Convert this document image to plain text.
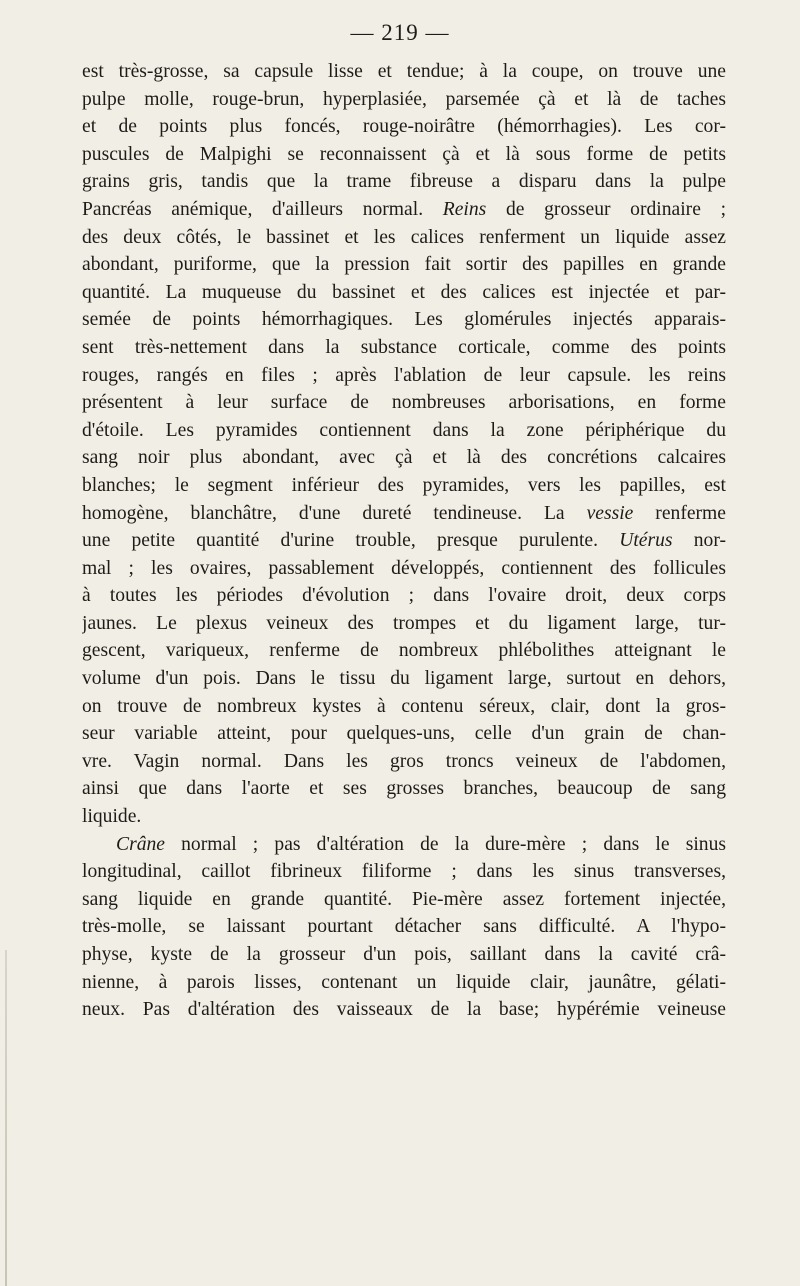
— 219 —
est très-grosse, sa capsule lisse et tendue; à la coupe, on trouve une
pulpe molle, rouge-brun, hyperplasiée, parsemée çà et là de taches
et de points plus foncés, rouge-noirâtre (hémorrhagies). Les cor-
puscules de Malpighi se reconnaissent çà et là sous forme de petits
grains gris, tandis que la trame fibreuse a disparu dans la pulpe
Pancréas anémique, d'ailleurs normal. Reins de grosseur ordinaire ;
des deux côtés, le bassinet et les calices renferment un liquide assez
abondant, puriforme, que la pression fait sortir des papilles en grande
quantité. La muqueuse du bassinet et des calices est injectée et par-
semée de points hémorrhagiques. Les glomérules injectés apparais-
sent très-nettement dans la substance corticale, comme des points
rouges, rangés en files ; après l'ablation de leur capsule. les reins
présentent à leur surface de nombreuses arborisations, en forme
d'étoile. Les pyramides contiennent dans la zone périphérique du
sang noir plus abondant, avec çà et là des concrétions calcaires
blanches; le segment inférieur des pyramides, vers les papilles, est
homogène, blanchâtre, d'une dureté tendineuse. La vessie renferme
une petite quantité d'urine trouble, presque purulente. Utérus nor-
mal ; les ovaires, passablement développés, contiennent des follicules
à toutes les périodes d'évolution ; dans l'ovaire droit, deux corps
jaunes. Le plexus veineux des trompes et du ligament large, tur-
gescent, variqueux, renferme de nombreux phlébolithes atteignant le
volume d'un pois. Dans le tissu du ligament large, surtout en dehors,
on trouve de nombreux kystes à contenu séreux, clair, dont la gros-
seur variable atteint, pour quelques-uns, celle d'un grain de chan-
vre. Vagin normal. Dans les gros troncs veineux de l'abdomen,
ainsi que dans l'aorte et ses grosses branches, beaucoup de sang
liquide.
Crâne normal ; pas d'altération de la dure-mère ; dans le sinus
longitudinal, caillot fibrineux filiforme ; dans les sinus transverses,
sang liquide en grande quantité. Pie-mère assez fortement injectée,
très-molle, se laissant pourtant détacher sans difficulté. A l'hypo-
physe, kyste de la grosseur d'un pois, saillant dans la cavité crâ-
nienne, à parois lisses, contenant un liquide clair, jaunâtre, gélati-
neux. Pas d'altération des vaisseaux de la base; hypérémie veineuse
